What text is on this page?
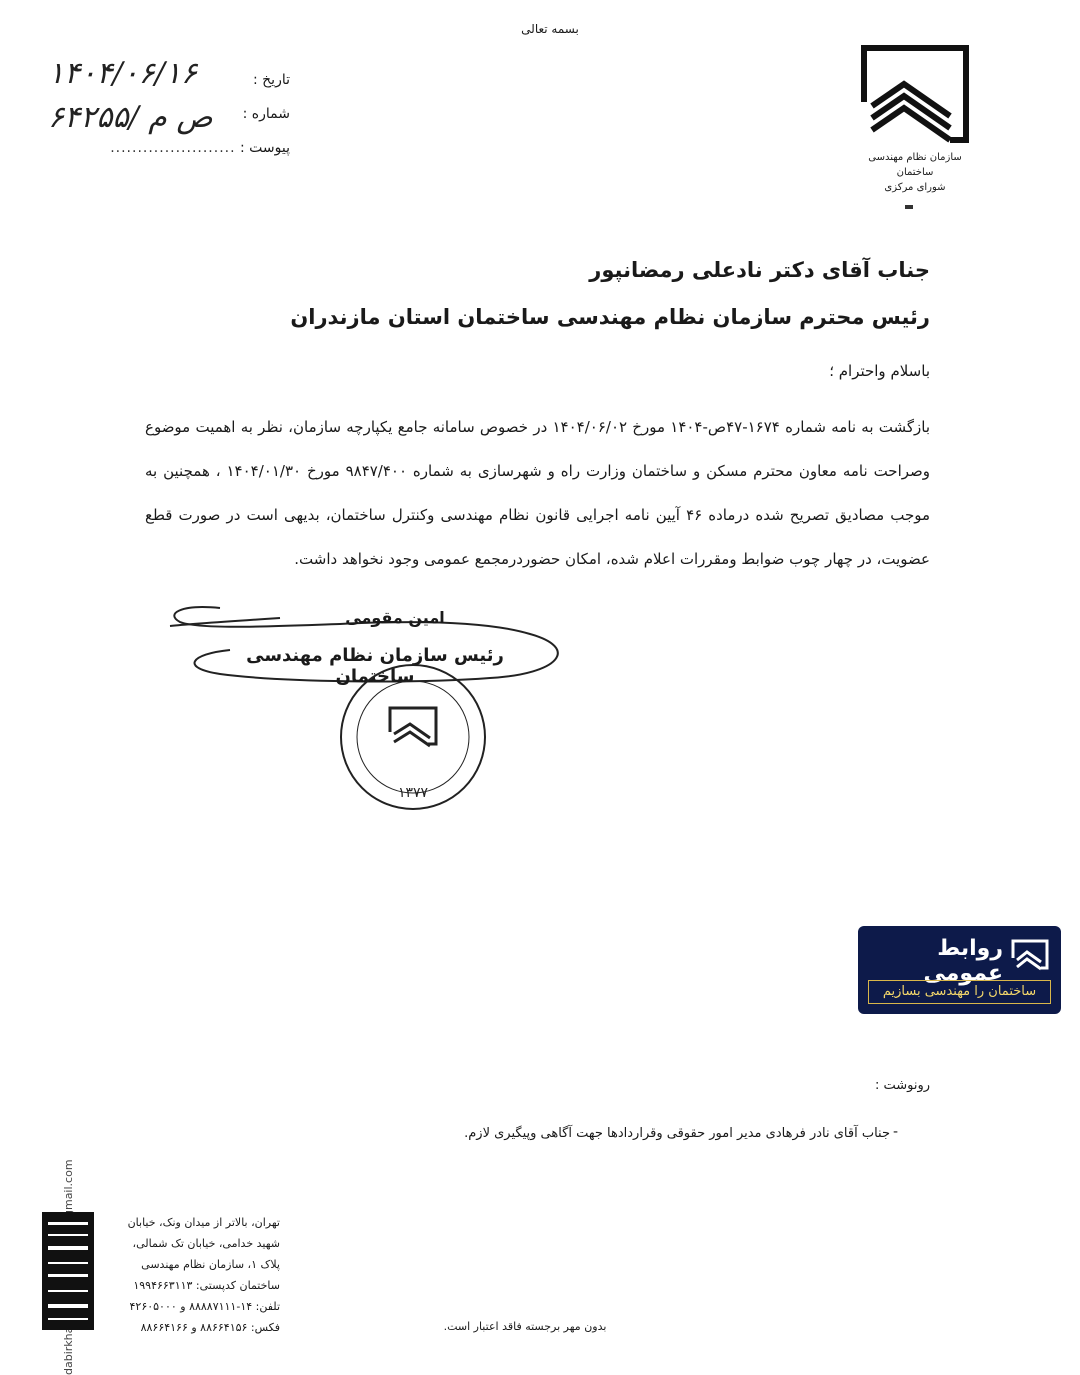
بسمه تعالی
تاریخ :
۱۴۰۴/۰۶/۱۶
شماره :
۶۴۲۵۵/ ص م
پیوست : .......................
سازمان نظام مهندسی ساختمان
شورای مرکزی
جناب آقای دکتر نادعلی رمضانپور
رئیس محترم سازمان نظام مهندسی ساختمان استان مازندران
باسلام واحترام ؛
بازگشت به نامه شماره ۱۶۷۴-۴۷ص-۱۴۰۴ مورخ ۱۴۰۴/۰۶/۰۲ در خصوص سامانه جامع یکپارچه سازمان، نظر به اهمیت موضوع وصراحت نامه معاون محترم مسکن و ساختمان وزارت راه و شهرسازی به شماره ۹۸۴۷/۴۰۰ مورخ ۱۴۰۴/۰۱/۳۰ ، همچنین به موجب مصادیق تصریح شده درماده ۴۶ آیین نامه اجرایی قانون نظام مهندسی وکنترل ساختمان، بدیهی است در صورت قطع عضویت، در چهار چوب ضوابط ومقررات اعلام شده، امکان حضوردرمجمع عمومی وجود نخواهد داشت.
امین مقومی
رئیس سازمان نظام مهندسی ساختمان
۱۳۷۷
روابط عمومی
ساختمان را مهندسی بسازیم
رونوشت :
-
جناب آقای نادر فرهادی مدیر امور حقوقی وقراردادها جهت آگاهی وپیگیری لازم.
تهران، بالاتر از میدان ونک، خیابان
شهید خدامی، خیابان تک شمالی،
پلاک ۱، سازمان نظام مهندسی
ساختمان کدپستی: ۱۹۹۴۶۶۳۱۱۳
تلفن: ۱۴-۸۸۸۸۷۱۱۱ و ۴۲۶۰۵۰۰۰
فکس: ۸۸۶۶۴۱۵۶ و ۸۸۶۶۴۱۶۶	بدون مهر برجسته فاقد اعتبار است.
